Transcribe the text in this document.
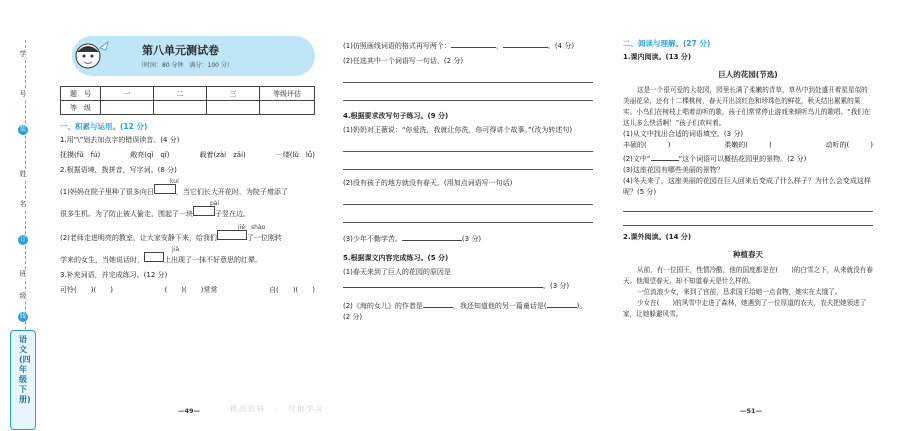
学
号
装
姓
名
订
班
级
线
语文(四年级下册)
第八单元测试卷
（时间：80 分钟　满分：100 分）
题　号	一	二	三	等级评估
等　级				
一、积累与运用。(12 分)
1.用“\”划去加点字的错误读音。(4 分)
抚摸(fǔ　fú)	敞亮(qǐ　qǐ)	载着(zài　zǎi)	一缕(lǔ　lǚ)
2.根据语境，拨拼音，写字词。(8 分)
kuí
(1)妈妈在院子里种了很多向日	，当它们长大开花时，为院子增添了
pái
很多生机。为了防止被人偷走，围起了一块	子竖在边。
jiě　shào
(2)老师走进明亮的教室，让大家安静下来，给我们	了一位刚转
jiā
学来的女生，当她说话时，	上出现了一抹不好意思的红晕。
3.补充词语，并完成练习。(12 分)
可怜(　　)(　　)	(　　)(　　)常常	自(　　)(　　)
—49—
(1)仿照画线词语的格式再写两个：	，	。(4 分)
(2)任选其中一个词语写一句话。(2 分)
4.根据要求改写句子练习。(9 分)
(1)奶奶对王薇说：“你爱洗，我就让你洗，你可得讲个故事。”(改为转述句)
(2)没有孩子的地方就没有春天。(用加点词语写一句话)
(3)少年不勤学苦。	(3 分)
5.根据课文内容完成练习。(5 分)
(1)春天来到了巨人的花园的原因是
。(3 分)
(2)《海的女儿》的作者是	，我还知道他的另一篇童话是(	)。
(2 分)
二、阅读与理解。(27 分)
1.课内阅读。(13 分)
巨人的花园(节选)
这是一个很可爱的大花园，园里长满了柔嫩的青草，草丛中到处盛开着星星似的美丽花朵，还有十二棵桃树，春天开出淡红色和珍珠色的鲜花，秋天结出累累的果实。小鸟们在树枝上唱着动听的歌，孩子们常常停止游戏来倾听鸟儿的歌唱。“我们在这儿多么快活啊！”孩子们欢叫着。
(1)从文中找出合适的词语填空。(3 分)
丰硕的(　　　)	柔嫩的(　　　)	动听的(　　　)
(2)文中“	”这个词语可以概括花园里的景物。(2 分)
(3)这座花园有哪些美丽的景物？
(4)冬天来了，这座美丽的花园在巨人回来后变成了什么样子？为什么会变成这样呢？(5 分)
2.课外阅读。(14 分)
种植春天
从前，有一位国王，性情冷酷，他的国度都是在(　　)的白雪之下，从来就没有春天。他渴望春天，却不知道春天是什么样的。
一位流浪少女，来到了宫前，恳求国王给她一点食物，她实在太饿了。
少女在(　　)的风雪中走进了森林，她遇到了一位厚道的农夫，农夫把她领进了家，让她躲避风雪。
—51—
精品资料　·　仅供学习
